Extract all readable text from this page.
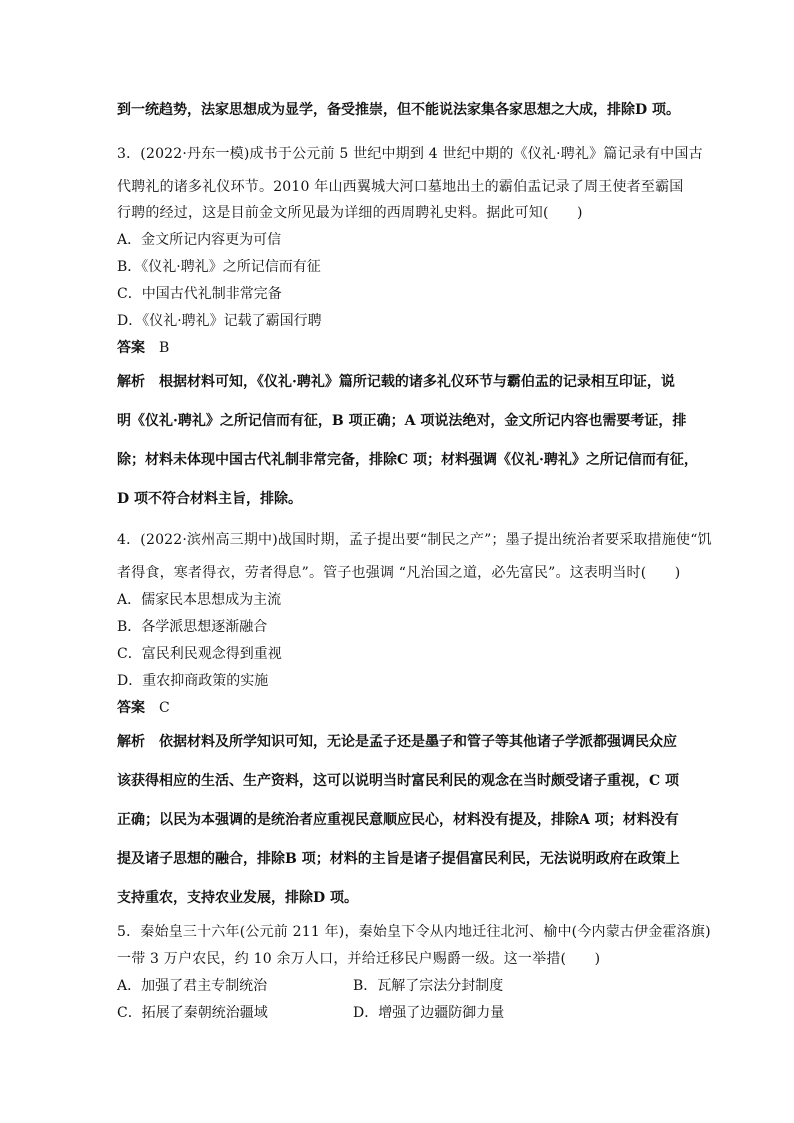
到一统趋势，法家思想成为显学，备受推崇，但不能说法家集各家思想之大成，排除D 项。
3．(2022·丹东一模)成书于公元前 5 世纪中期到 4 世纪中期的《仪礼·聘礼》篇记录有中国古
代聘礼的诸多礼仪环节。2010 年山西翼城大河口墓地出土的霸伯盂记录了周王使者至霸国
行聘的经过，这是目前金文所见最为详细的西周聘礼史料。据此可知(　　)
A．金文所记内容更为可信
B．《仪礼·聘礼》之所记信而有征
C．中国古代礼制非常完备
D．《仪礼·聘礼》记载了霸国行聘
答案 B
解析 根据材料可知，《仪礼·聘礼》篇所记载的诸多礼仪环节与霸伯盂的记录相互印证，说
明《仪礼·聘礼》之所记信而有征，B 项正确；A 项说法绝对，金文所记内容也需要考证，排
除；材料未体现中国古代礼制非常完备，排除C 项；材料强调《仪礼·聘礼》之所记信而有征，
D 项不符合材料主旨，排除。
4．(2022·滨州高三期中)战国时期，孟子提出要“制民之产”；墨子提出统治者要采取措施使“饥
者得食，寒者得衣，劳者得息”。管子也强调 “凡治国之道，必先富民”。这表明当时(　　)
A．儒家民本思想成为主流
B．各学派思想逐渐融合
C．富民利民观念得到重视
D．重农抑商政策的实施
答案 C
解析 依据材料及所学知识可知，无论是孟子还是墨子和管子等其他诸子学派都强调民众应
该获得相应的生活、生产资料，这可以说明当时富民利民的观念在当时颇受诸子重视，C 项
正确；以民为本强调的是统治者应重视民意顺应民心，材料没有提及，排除A 项；材料没有
提及诸子思想的融合，排除B 项；材料的主旨是诸子提倡富民利民，无法说明政府在政策上
支持重农，支持农业发展，排除D 项。
5．秦始皇三十六年(公元前 211 年)，秦始皇下令从内地迁往北河、榆中(今内蒙古伊金霍洛旗)
一带 3 万户农民，约 10 余万人口，并给迁移民户赐爵一级。这一举措(　　)
A．加强了君主专制统治	B．瓦解了宗法分封制度
C．拓展了秦朝统治疆域	D．增强了边疆防御力量
